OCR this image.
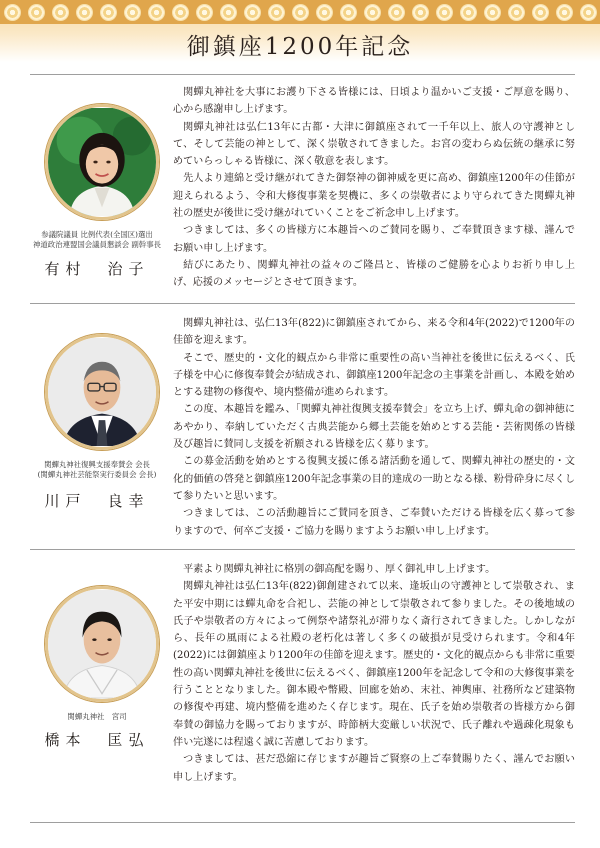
御鎮座1200年記念
参議院議員 比例代表(全国区)選出
神道政治連盟国会議員懇談会 副幹事長
有村　治子

関蟬丸神社を大事にお護り下さる皆様には、日頃より温かいご支援・ご厚意を賜り、心から感謝申し上げます。

関蟬丸神社は弘仁13年に古都・大津に御鎮座されて一千年以上、旅人の守護神として、そして芸能の神として、深く崇敬されてきました。お宮の変わらぬ伝統の継承に努めていらっしゃる皆様に、深く敬意を表します。

先人より連綿と受け継がれてきた御祭神の御神威を更に高め、御鎮座1200年の佳節が迎えられるよう、令和大修復事業を契機に、多くの崇敬者により守られてきた関蟬丸神社の歴史が後世に受け継がれていくことをご祈念申し上げます。

つきましては、多くの皆様方に本趣旨へのご賛同を賜り、ご奉賛頂きます様、謹んでお願い申し上げます。

結びにあたり、関蟬丸神社の益々のご隆昌と、皆様のご健勝を心よりお祈り申し上げ、応援のメッセージとさせて頂きます。

関蟬丸神社復興支援奉賛会 会長
(関蟬丸神社芸能祭実行委員会 会長)
川戸　良幸

関蟬丸神社は、弘仁13年(822)に御鎮座されてから、来る令和4年(2022)で1200年の佳節を迎えます。

そこで、歴史的・文化的観点から非常に重要性の高い当神社を後世に伝えるべく、氏子様を中心に修復奉賛会が結成され、御鎮座1200年記念の主事業を計画し、本殿を始めとする建物の修復や、境内整備が進められます。

この度、本趣旨を鑑み、「関蟬丸神社復興支援奉賛会」を立ち上げ、蟬丸命の御神徳にあやかり、奉納していただく古典芸能から郷土芸能を始めとする芸能・芸術関係の皆様及び趣旨に賛同し支援を祈願される皆様を広く募ります。

この募金活動を始めとする復興支援に係る諸活動を通して、関蟬丸神社の歴史的・文化的価値の啓発と御鎮座1200年記念事業の目的達成の一助となる様、粉骨砕身に尽くして参りたいと思います。

つきましては、この活動趣旨にご賛同を頂き、ご奉賛いただける皆様を広く募って参りますので、何卒ご支援・ご協力を賜りますようお願い申し上げます。

関蟬丸神社　宮司
橋本　匡弘

平素より関蟬丸神社に格別の御高配を賜り、厚く御礼申し上げます。

関蟬丸神社は弘仁13年(822)御創建されて以来、逢坂山の守護神として崇敬され、また平安中期には蟬丸命を合祀し、芸能の神として崇敬されて参りました。その後地域の氏子や崇敬者の方々によって例祭や諸祭礼が滞りなく斎行されてきました。しかしながら、長年の風雨による社殿の老朽化は著しく多くの破損が見受けられます。令和4年(2022)には御鎮座より1200年の佳節を迎えます。歴史的・文化的観点からも非常に重要性の高い関蟬丸神社を後世に伝えるべく、御鎮座1200年を記念して令和の大修復事業を行うこととなりました。御本殿や幣殿、回廊を始め、末社、神輿庫、社務所など建築物の修復や再建、境内整備を進めたく存じます。現在、氏子を始め崇敬者の皆様方から御奉賛の御協力を賜っておりますが、時節柄大変厳しい状況で、氏子離れや過疎化現象も伴い完遂には程遠く誠に苦慮しております。

つきましては、甚だ恐縮に存じますが趣旨ご賢察の上ご奉賛賜りたく、謹んでお願い申し上げます。
